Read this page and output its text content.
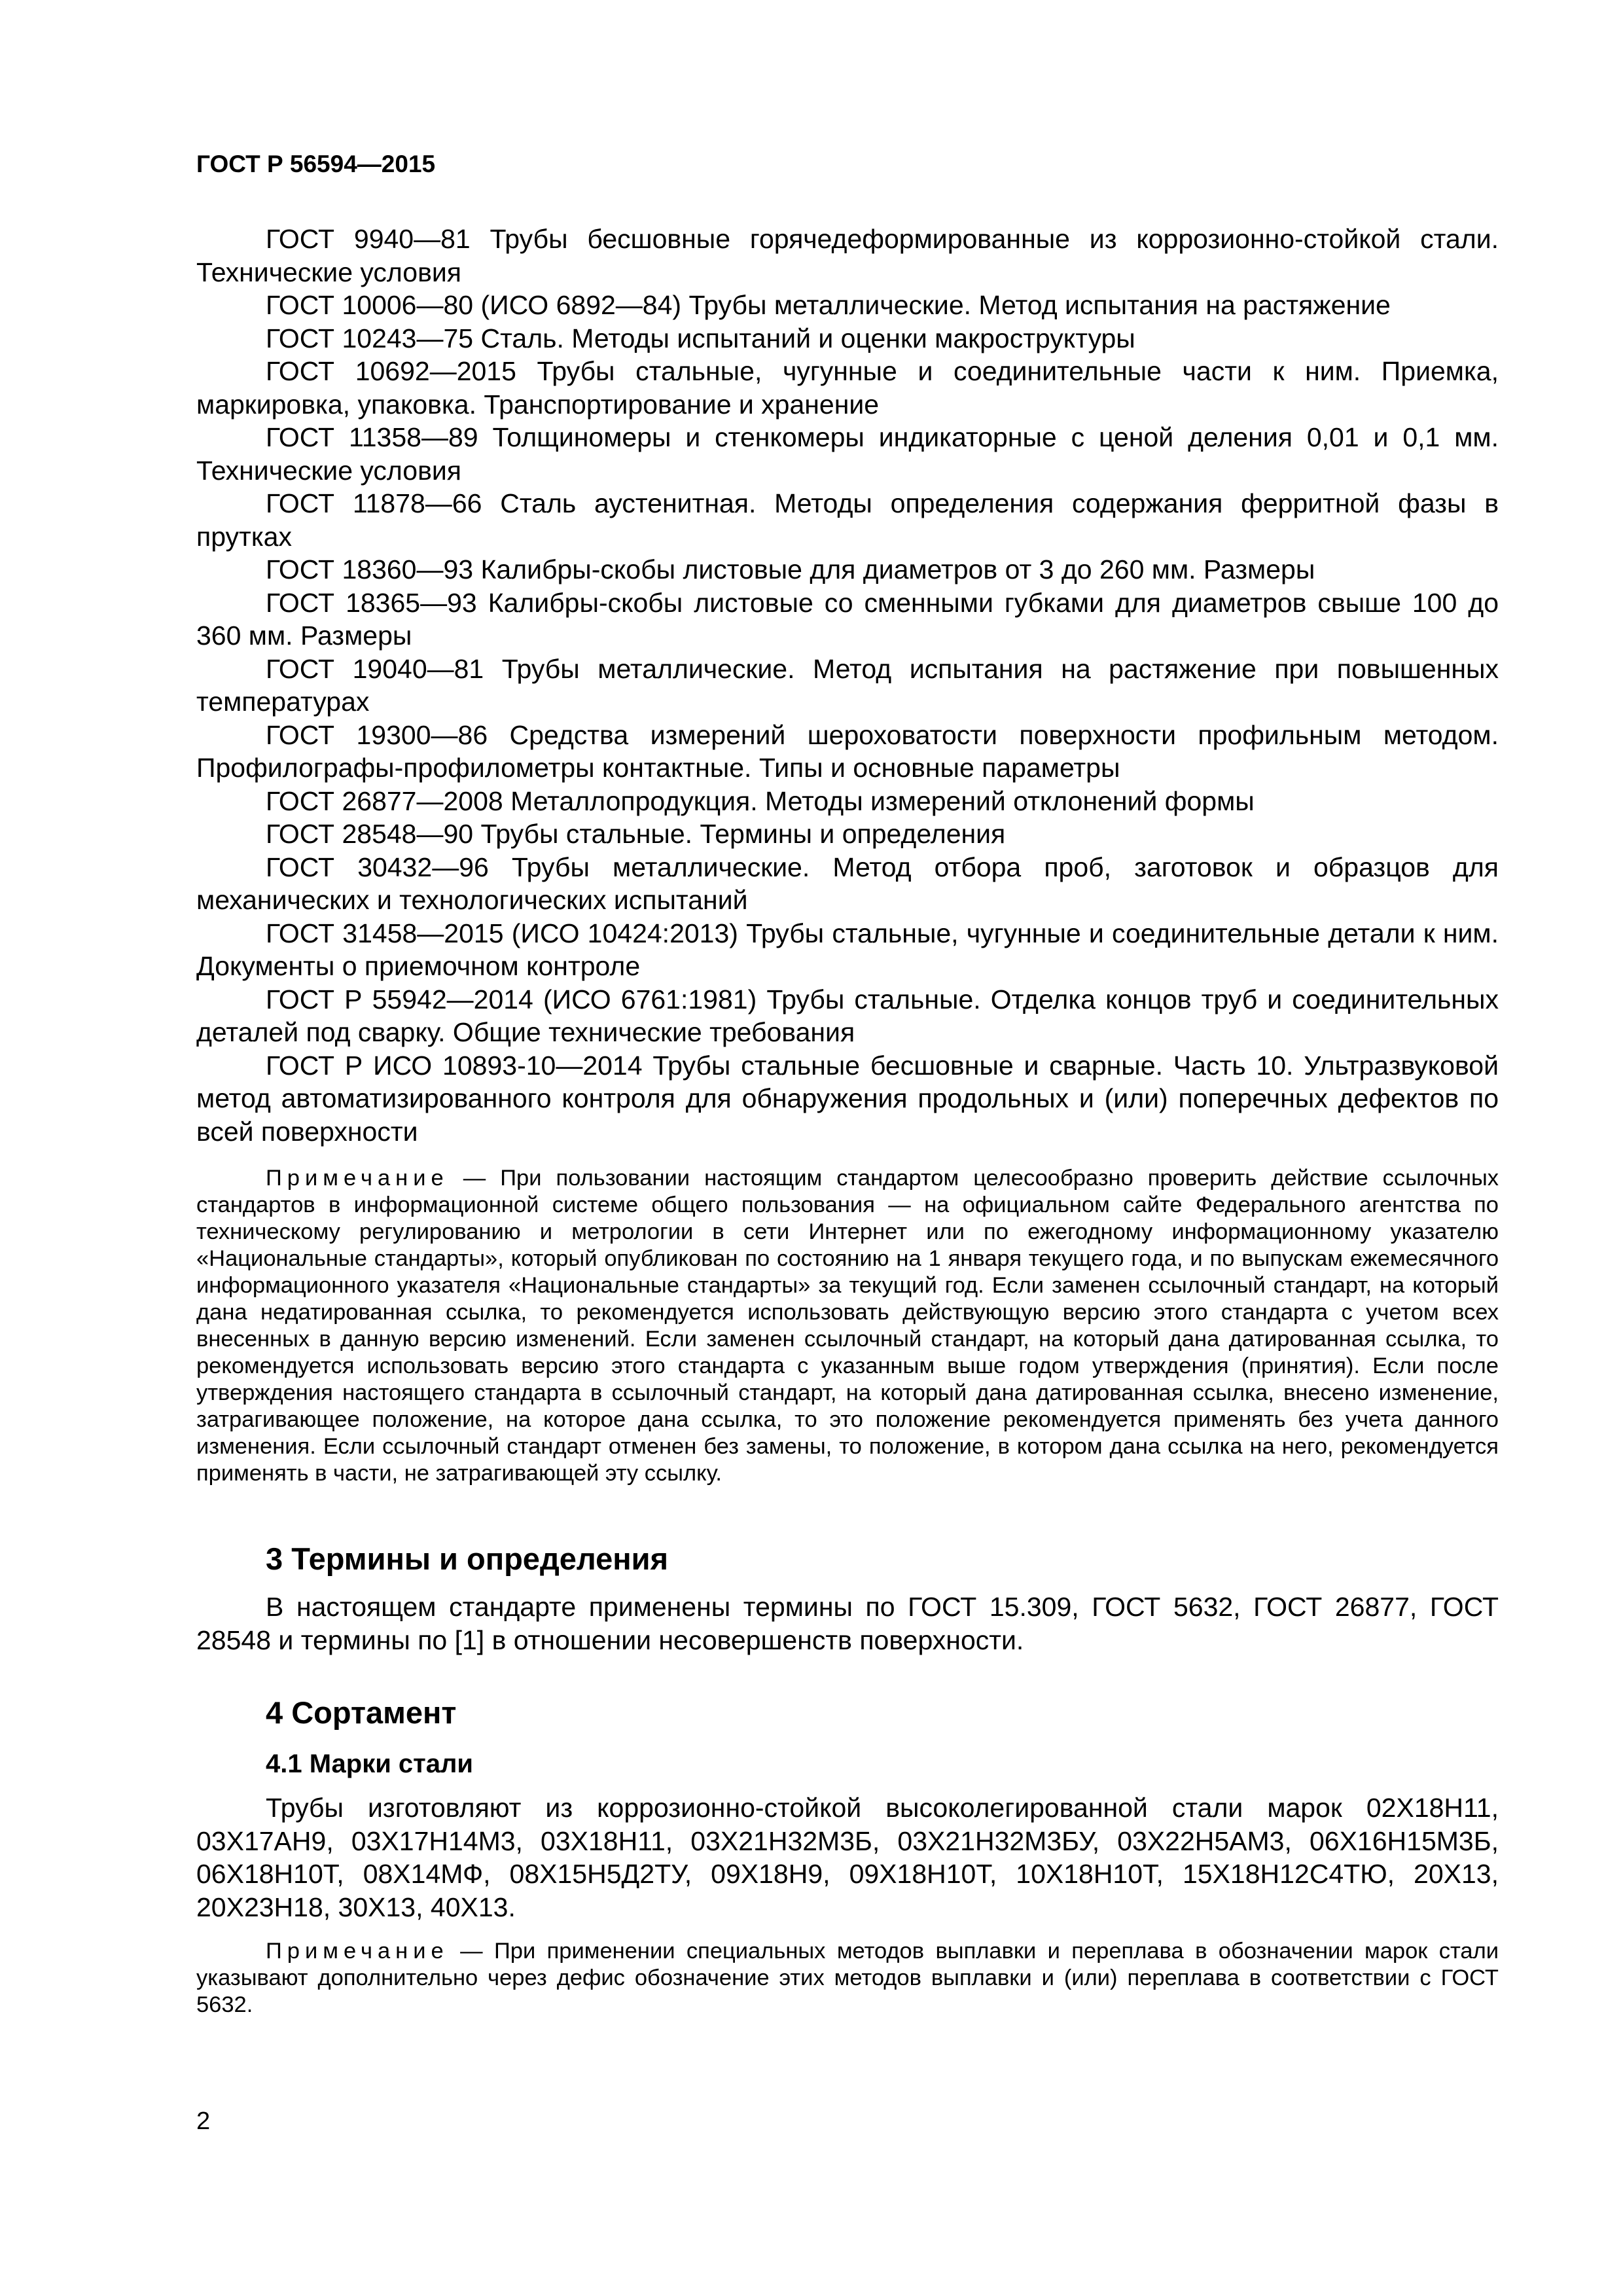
ГОСТ Р 56594—2015

ГОСТ 9940—81 Трубы бесшовные горячедеформированные из коррозионно-стойкой стали. Технические условия

ГОСТ 10006—80 (ИСО 6892—84) Трубы металлические. Метод испытания на растяжение

ГОСТ 10243—75 Сталь. Методы испытаний и оценки макроструктуры

ГОСТ 10692—2015 Трубы стальные, чугунные и соединительные части к ним. Приемка, маркировка, упаковка. Транспортирование и хранение

ГОСТ 11358—89 Толщиномеры и стенкомеры индикаторные с ценой деления 0,01 и 0,1 мм. Технические условия

ГОСТ 11878—66 Сталь аустенитная. Методы определения содержания ферритной фазы в прутках

ГОСТ 18360—93 Калибры-скобы листовые для диаметров от 3 до 260 мм. Размеры

ГОСТ 18365—93 Калибры-скобы листовые со сменными губками для диаметров свыше 100 до 360 мм. Размеры

ГОСТ 19040—81 Трубы металлические. Метод испытания на растяжение при повышенных температурах

ГОСТ 19300—86 Средства измерений шероховатости поверхности профильным методом. Профилографы-профилометры контактные. Типы и основные параметры

ГОСТ 26877—2008 Металлопродукция. Методы измерений отклонений формы

ГОСТ 28548—90 Трубы стальные. Термины и определения

ГОСТ 30432—96 Трубы металлические. Метод отбора проб, заготовок и образцов для механических и технологических испытаний

ГОСТ 31458—2015 (ИСО 10424:2013) Трубы стальные, чугунные и соединительные детали к ним. Документы о приемочном контроле

ГОСТ Р 55942—2014 (ИСО 6761:1981) Трубы стальные. Отделка концов труб и соединительных деталей под сварку. Общие технические требования

ГОСТ Р ИСО 10893-10—2014 Трубы стальные бесшовные и сварные. Часть 10. Ультразвуковой метод автоматизированного контроля для обнаружения продольных и (или) поперечных дефектов по всей поверхности

Примечание — При пользовании настоящим стандартом целесообразно проверить действие ссылочных стандартов в информационной системе общего пользования — на официальном сайте Федерального агентства по техническому регулированию и метрологии в сети Интернет или по ежегодному информационному указателю «Национальные стандарты», который опубликован по состоянию на 1 января текущего года, и по выпускам ежемесячного информационного указателя «Национальные стандарты» за текущий год. Если заменен ссылочный стандарт, на который дана недатированная ссылка, то рекомендуется использовать действующую версию этого стандарта с учетом всех внесенных в данную версию изменений. Если заменен ссылочный стандарт, на который дана датированная ссылка, то рекомендуется использовать версию этого стандарта с указанным выше годом утверждения (принятия). Если после утверждения настоящего стандарта в ссылочный стандарт, на который дана датированная ссылка, внесено изменение, затрагивающее положение, на которое дана ссылка, то это положение рекомендуется применять без учета данного изменения. Если ссылочный стандарт отменен без замены, то положение, в котором дана ссылка на него, рекомендуется применять в части, не затрагивающей эту ссылку.

3 Термины и определения

В настоящем стандарте применены термины по ГОСТ 15.309, ГОСТ 5632, ГОСТ 26877, ГОСТ 28548 и термины по [1] в отношении несовершенств поверхности.

4 Сортамент
4.1 Марки стали

Трубы изготовляют из коррозионно-стойкой высоколегированной стали марок 02Х18Н11, 03Х17АН9, 03Х17Н14М3, 03Х18Н11, 03Х21Н32М3Б, 03Х21Н32М3БУ, 03Х22Н5АМ3, 06Х16Н15М3Б, 06Х18Н10Т, 08Х14МФ, 08Х15Н5Д2ТУ, 09Х18Н9, 09Х18Н10Т, 10Х18Н10Т, 15Х18Н12С4ТЮ, 20Х13, 20Х23Н18, 30Х13, 40Х13.

Примечание — При применении специальных методов выплавки и переплава в обозначении марок стали указывают дополнительно через дефис обозначение этих методов выплавки и (или) переплава в соответствии с ГОСТ 5632.

2
